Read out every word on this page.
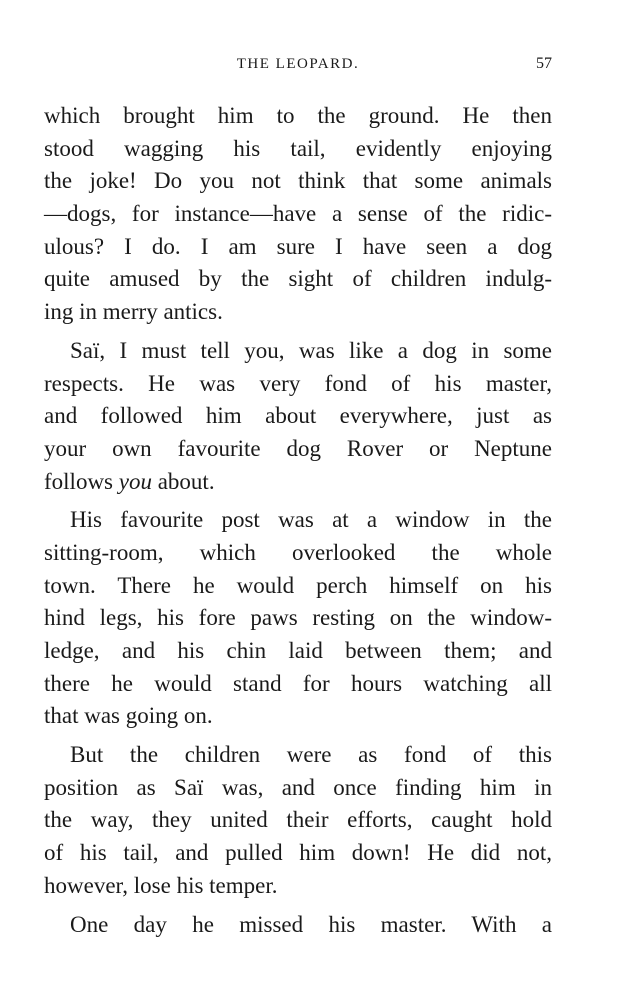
THE LEOPARD.	57
which brought him to the ground. He then
stood wagging his tail, evidently enjoying
the joke! Do you not think that some animals
—dogs, for instance—have a sense of the ridic-
ulous? I do. I am sure I have seen a dog
quite amused by the sight of children indulg-
ing in merry antics.
Saï, I must tell you, was like a dog in some
respects. He was very fond of his master,
and followed him about everywhere, just as
your own favourite dog Rover or Neptune
follows you about.
His favourite post was at a window in the
sitting-room, which overlooked the whole
town. There he would perch himself on his
hind legs, his fore paws resting on the window-
ledge, and his chin laid between them; and
there he would stand for hours watching all
that was going on.
But the children were as fond of this
position as Saï was, and once finding him in
the way, they united their efforts, caught hold
of his tail, and pulled him down! He did not,
however, lose his temper.
One day he missed his master. With a
